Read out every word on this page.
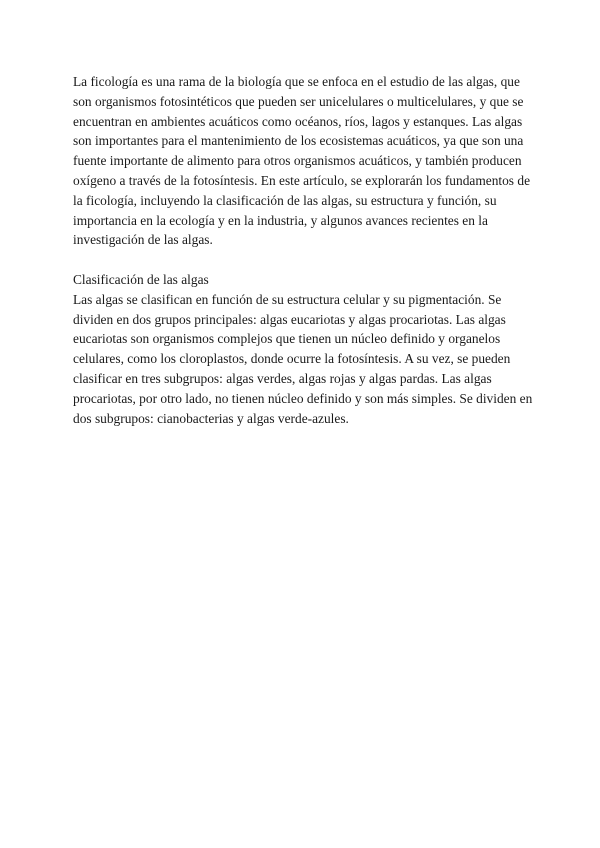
La ficología es una rama de la biología que se enfoca en el estudio de las algas, que son organismos fotosintéticos que pueden ser unicelulares o multicelulares, y que se encuentran en ambientes acuáticos como océanos, ríos, lagos y estanques. Las algas son importantes para el mantenimiento de los ecosistemas acuáticos, ya que son una fuente importante de alimento para otros organismos acuáticos, y también producen oxígeno a través de la fotosíntesis. En este artículo, se explorarán los fundamentos de la ficología, incluyendo la clasificación de las algas, su estructura y función, su importancia en la ecología y en la industria, y algunos avances recientes en la investigación de las algas.

Clasificación de las algas

Las algas se clasifican en función de su estructura celular y su pigmentación. Se dividen en dos grupos principales: algas eucariotas y algas procariotas. Las algas eucariotas son organismos complejos que tienen un núcleo definido y organelos celulares, como los cloroplastos, donde ocurre la fotosíntesis. A su vez, se pueden clasificar en tres subgrupos: algas verdes, algas rojas y algas pardas. Las algas procariotas, por otro lado, no tienen núcleo definido y son más simples. Se dividen en dos subgrupos: cianobacterias y algas verde-azules.
